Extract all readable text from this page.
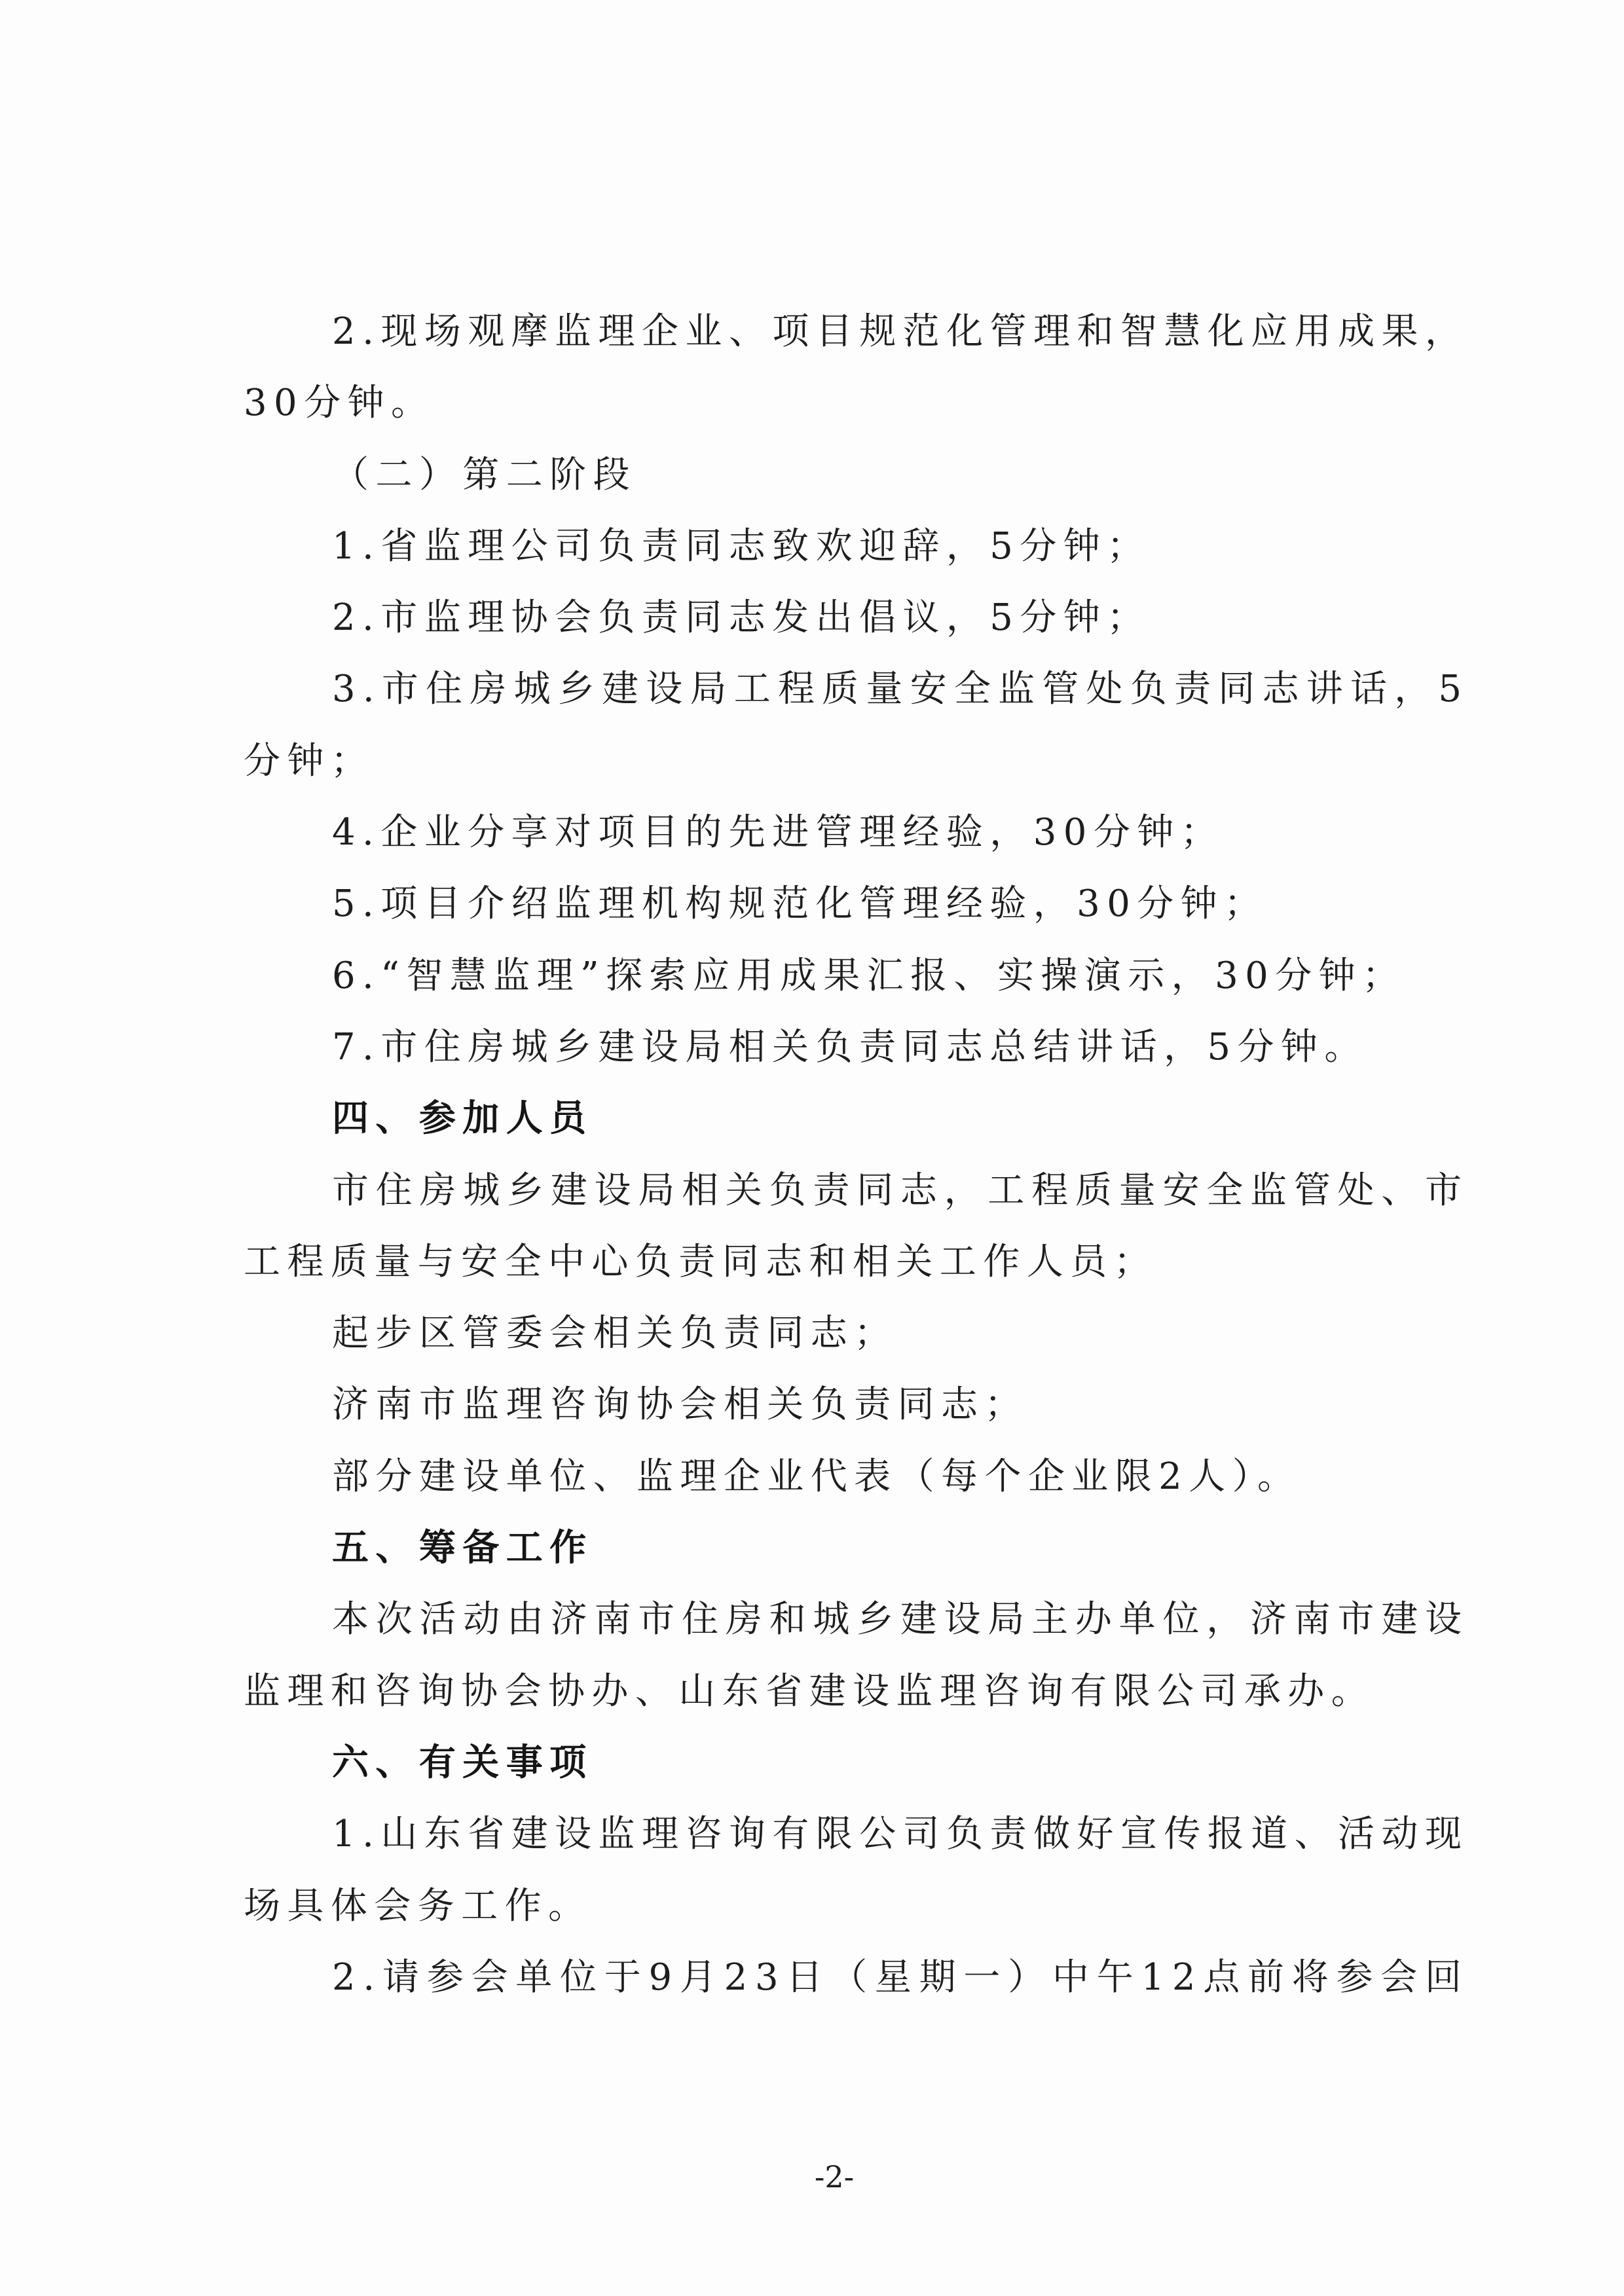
2.现场观摩监理企业、项目规范化管理和智慧化应用成果，
30分钟。
（二）第二阶段
1.省监理公司负责同志致欢迎辞，5分钟；
2.市监理协会负责同志发出倡议，5分钟；
3.市住房城乡建设局工程质量安全监管处负责同志讲话，5
分钟；
4.企业分享对项目的先进管理经验，30分钟；
5.项目介绍监理机构规范化管理经验，30分钟；
6.“智慧监理”探索应用成果汇报、实操演示，30分钟；
7.市住房城乡建设局相关负责同志总结讲话，5分钟。
四、参加人员
市住房城乡建设局相关负责同志，工程质量安全监管处、市
工程质量与安全中心负责同志和相关工作人员；
起步区管委会相关负责同志；
济南市监理咨询协会相关负责同志；
部分建设单位、监理企业代表（每个企业限2人）。
五、筹备工作
本次活动由济南市住房和城乡建设局主办单位，济南市建设
监理和咨询协会协办、山东省建设监理咨询有限公司承办。
六、有关事项
1.山东省建设监理咨询有限公司负责做好宣传报道、活动现
场具体会务工作。
2.请参会单位于9月23日（星期一）中午12点前将参会回
-2-
